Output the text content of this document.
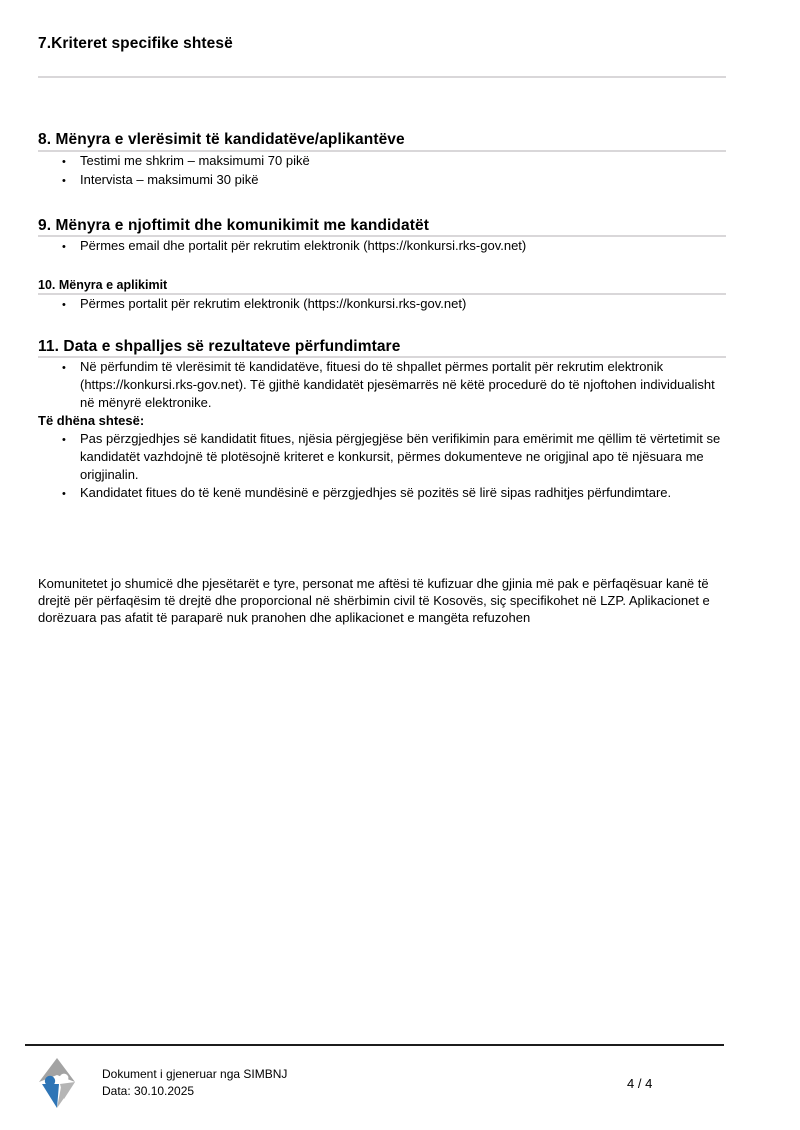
7.Kriteret specifike shtesë
8. Mënyra e vlerësimit të kandidatëve/aplikantëve
•
Testimi me shkrim – maksimumi 70 pikë
•
Intervista – maksimumi 30 pikë
9. Mënyra e njoftimit dhe komunikimit me kandidatët
•
Përmes email dhe portalit për rekrutim elektronik (https://konkursi.rks-gov.net)
10. Mënyra e aplikimit
•
Përmes portalit për rekrutim elektronik (https://konkursi.rks-gov.net)
11. Data e shpalljes së rezultateve përfundimtare
•
Në përfundim të vlerësimit të kandidatëve, fituesi do të shpallet përmes portalit për rekrutim elektronik (https://konkursi.rks-gov.net). Të gjithë kandidatët pjesëmarrës në këtë procedurë do të njoftohen individualisht në mënyrë elektronike.
Të dhëna shtesë:
•
Pas përzgjedhjes së kandidatit fitues, njësia përgjegjëse bën verifikimin para emërimit me qëllim të vërtetimit se kandidatët vazhdojnë të plotësojnë kriteret e konkursit, përmes dokumenteve ne origjinal apo të njësuara me origjinalin.
•
Kandidatet fitues do të kenë mundësinë e përzgjedhjes së pozitës së lirë sipas radhitjes përfundimtare.

Komunitetet jo shumicë dhe pjesëtarët e tyre, personat me aftësi të kufizuar dhe gjinia më pak e përfaqësuar kanë të drejtë për përfaqësim të drejtë dhe proporcional në shërbimin civil të Kosovës, siç specifikohet në LZP. Aplikacionet e dorëzuara pas afatit të paraparë nuk pranohen dhe aplikacionet e mangëta refuzohen

Dokument i gjeneruar nga SIMBNJ
Data: 30.10.2025	4 / 4
